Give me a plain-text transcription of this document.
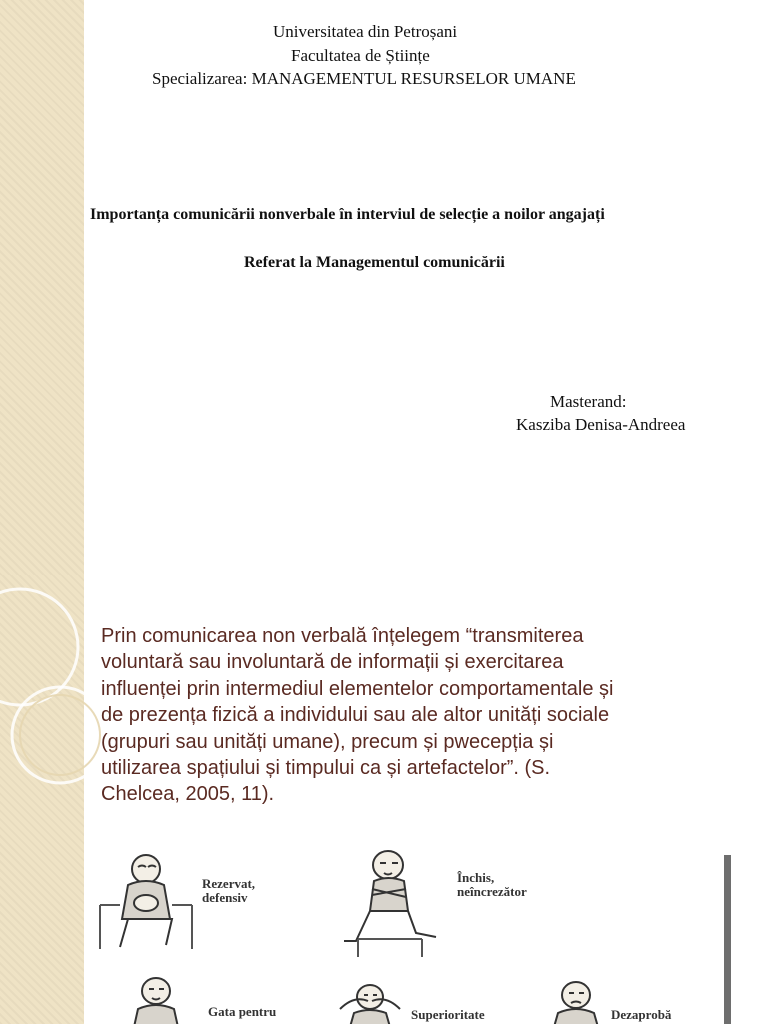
Universitatea din Petroșani
Facultatea de Științe
Specializarea: MANAGEMENTUL RESURSELOR UMANE
Importanța comunicării nonverbale în interviul de selecție a noilor angajați
Referat la Managementul comunicării
Masterand:
Kasziba Denisa-Andreea
Prin comunicarea non verbală înțelegem “transmiterea
voluntară sau involuntară de informații și exercitarea
influenței prin intermediul elementelor comportamentale și
de prezența fizică a individului sau ale altor unități sociale
(grupuri sau unități umane), precum și pwecepția și
utilizarea spațiului și timpului ca și artefactelor”. (S.
Chelcea, 2005, 11).
Rezervat,
defensiv
Închis,
neîncrezător
Gata pentru	Superioritate	Dezaprobă
